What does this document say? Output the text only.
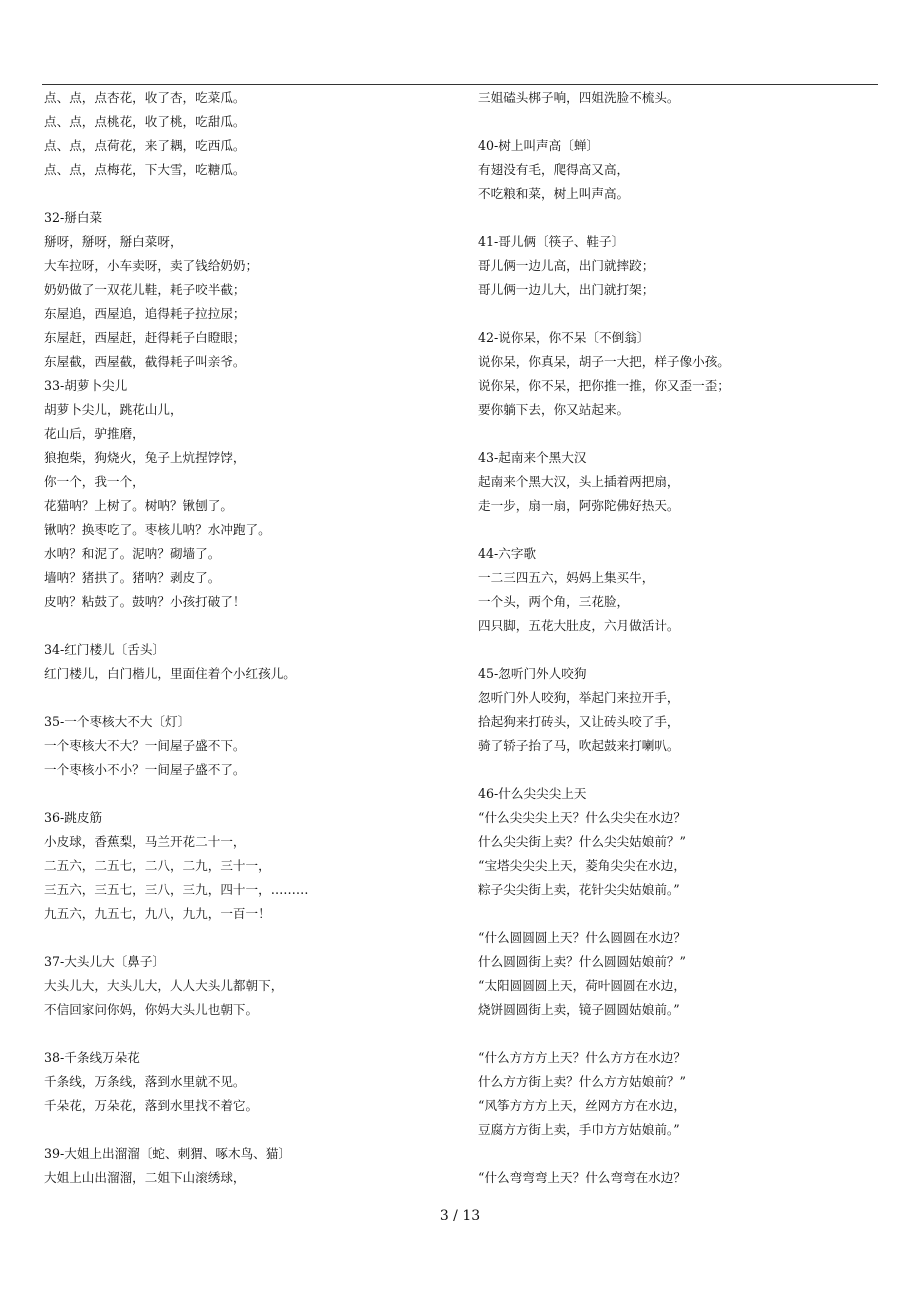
点、点，点杏花，收了杏，吃菜瓜。
点、点，点桃花，收了桃，吃甜瓜。
点、点，点荷花，来了耦，吃西瓜。
点、点，点梅花，下大雪，吃糖瓜。
32-掰白菜
掰呀，掰呀，掰白菜呀，
大车拉呀，小车卖呀，卖了钱给奶奶；
奶奶做了一双花儿鞋，耗子咬半截；
东屋追，西屋追，追得耗子拉拉尿；
东屋赶，西屋赶，赶得耗子白瞪眼；
东屋截，西屋截，截得耗子叫亲爷。
33-胡萝卜尖儿
胡萝卜尖儿，跳花山儿，
花山后，驴推磨，
狼抱柴，狗烧火，兔子上炕捏饽饽，
你一个，我一个，
花猫呐？上树了。树呐？锹刨了。
锹呐？换枣吃了。枣核儿呐？水冲跑了。
水呐？和泥了。泥呐？砌墙了。
墙呐？猪拱了。猪呐？剥皮了。
皮呐？粘鼓了。鼓呐？小孩打破了！
34-红门楼儿〔舌头〕
红门楼儿，白门楷儿，里面住着个小红孩儿。
35-一个枣核大不大〔灯〕
一个枣核大不大？一间屋子盛不下。
一个枣核小不小？一间屋子盛不了。
36-跳皮筋
小皮球，香蕉梨，马兰开花二十一，
二五六，二五七，二八，二九，三十一，
三五六，三五七，三八，三九，四十一，………
九五六，九五七，九八，九九，一百一！
37-大头儿大〔鼻子〕
大头儿大，大头儿大，人人大头儿都朝下，
不信回家问你妈，你妈大头儿也朝下。
38-千条线万朵花
千条线，万条线，落到水里就不见。
千朵花，万朵花，落到水里找不着它。
39-大姐上出溜溜〔蛇、刺猬、啄木鸟、猫〕
大姐上山出溜溜，二姐下山滚绣球，
三姐磕头梆子响，四姐洗脸不梳头。
40-树上叫声高〔蝉〕
有翅没有毛，爬得高又高，
不吃粮和菜，树上叫声高。
41-哥儿俩〔筷子、鞋子〕
哥儿俩一边儿高，出门就摔跤；
哥儿俩一边儿大，出门就打架；
42-说你呆，你不呆〔不倒翁〕
说你呆，你真呆，胡子一大把，样子像小孩。
说你呆，你不呆，把你推一推，你又歪一歪；
要你躺下去，你又站起来。
43-起南来个黑大汉
起南来个黑大汉，头上插着两把扇，
走一步，扇一扇，阿弥陀佛好热天。
44-六字歌
一二三四五六，妈妈上集买牛，
一个头，两个角，三花脸，
四只脚，五花大肚皮，六月做活计。
45-忽听门外人咬狗
忽听门外人咬狗，举起门来拉开手，
拾起狗来打砖头，又让砖头咬了手，
骑了轿子抬了马，吹起鼓来打喇叭。
46-什么尖尖尖上天
“什么尖尖尖上天？什么尖尖在水边？
什么尖尖街上卖？什么尖尖姑娘前？”
“宝塔尖尖尖上天，菱角尖尖在水边，
粽子尖尖街上卖，花针尖尖姑娘前。”
“什么圆圆圆上天？什么圆圆在水边？
什么圆圆街上卖？什么圆圆姑娘前？”
“太阳圆圆圆上天，荷叶圆圆在水边，
烧饼圆圆街上卖，镜子圆圆姑娘前。”
“什么方方方上天？什么方方在水边？
什么方方街上卖？什么方方姑娘前？”
“风筝方方方上天，丝网方方在水边，
豆腐方方街上卖，手巾方方姑娘前。”
“什么弯弯弯上天？什么弯弯在水边？
3 / 13
